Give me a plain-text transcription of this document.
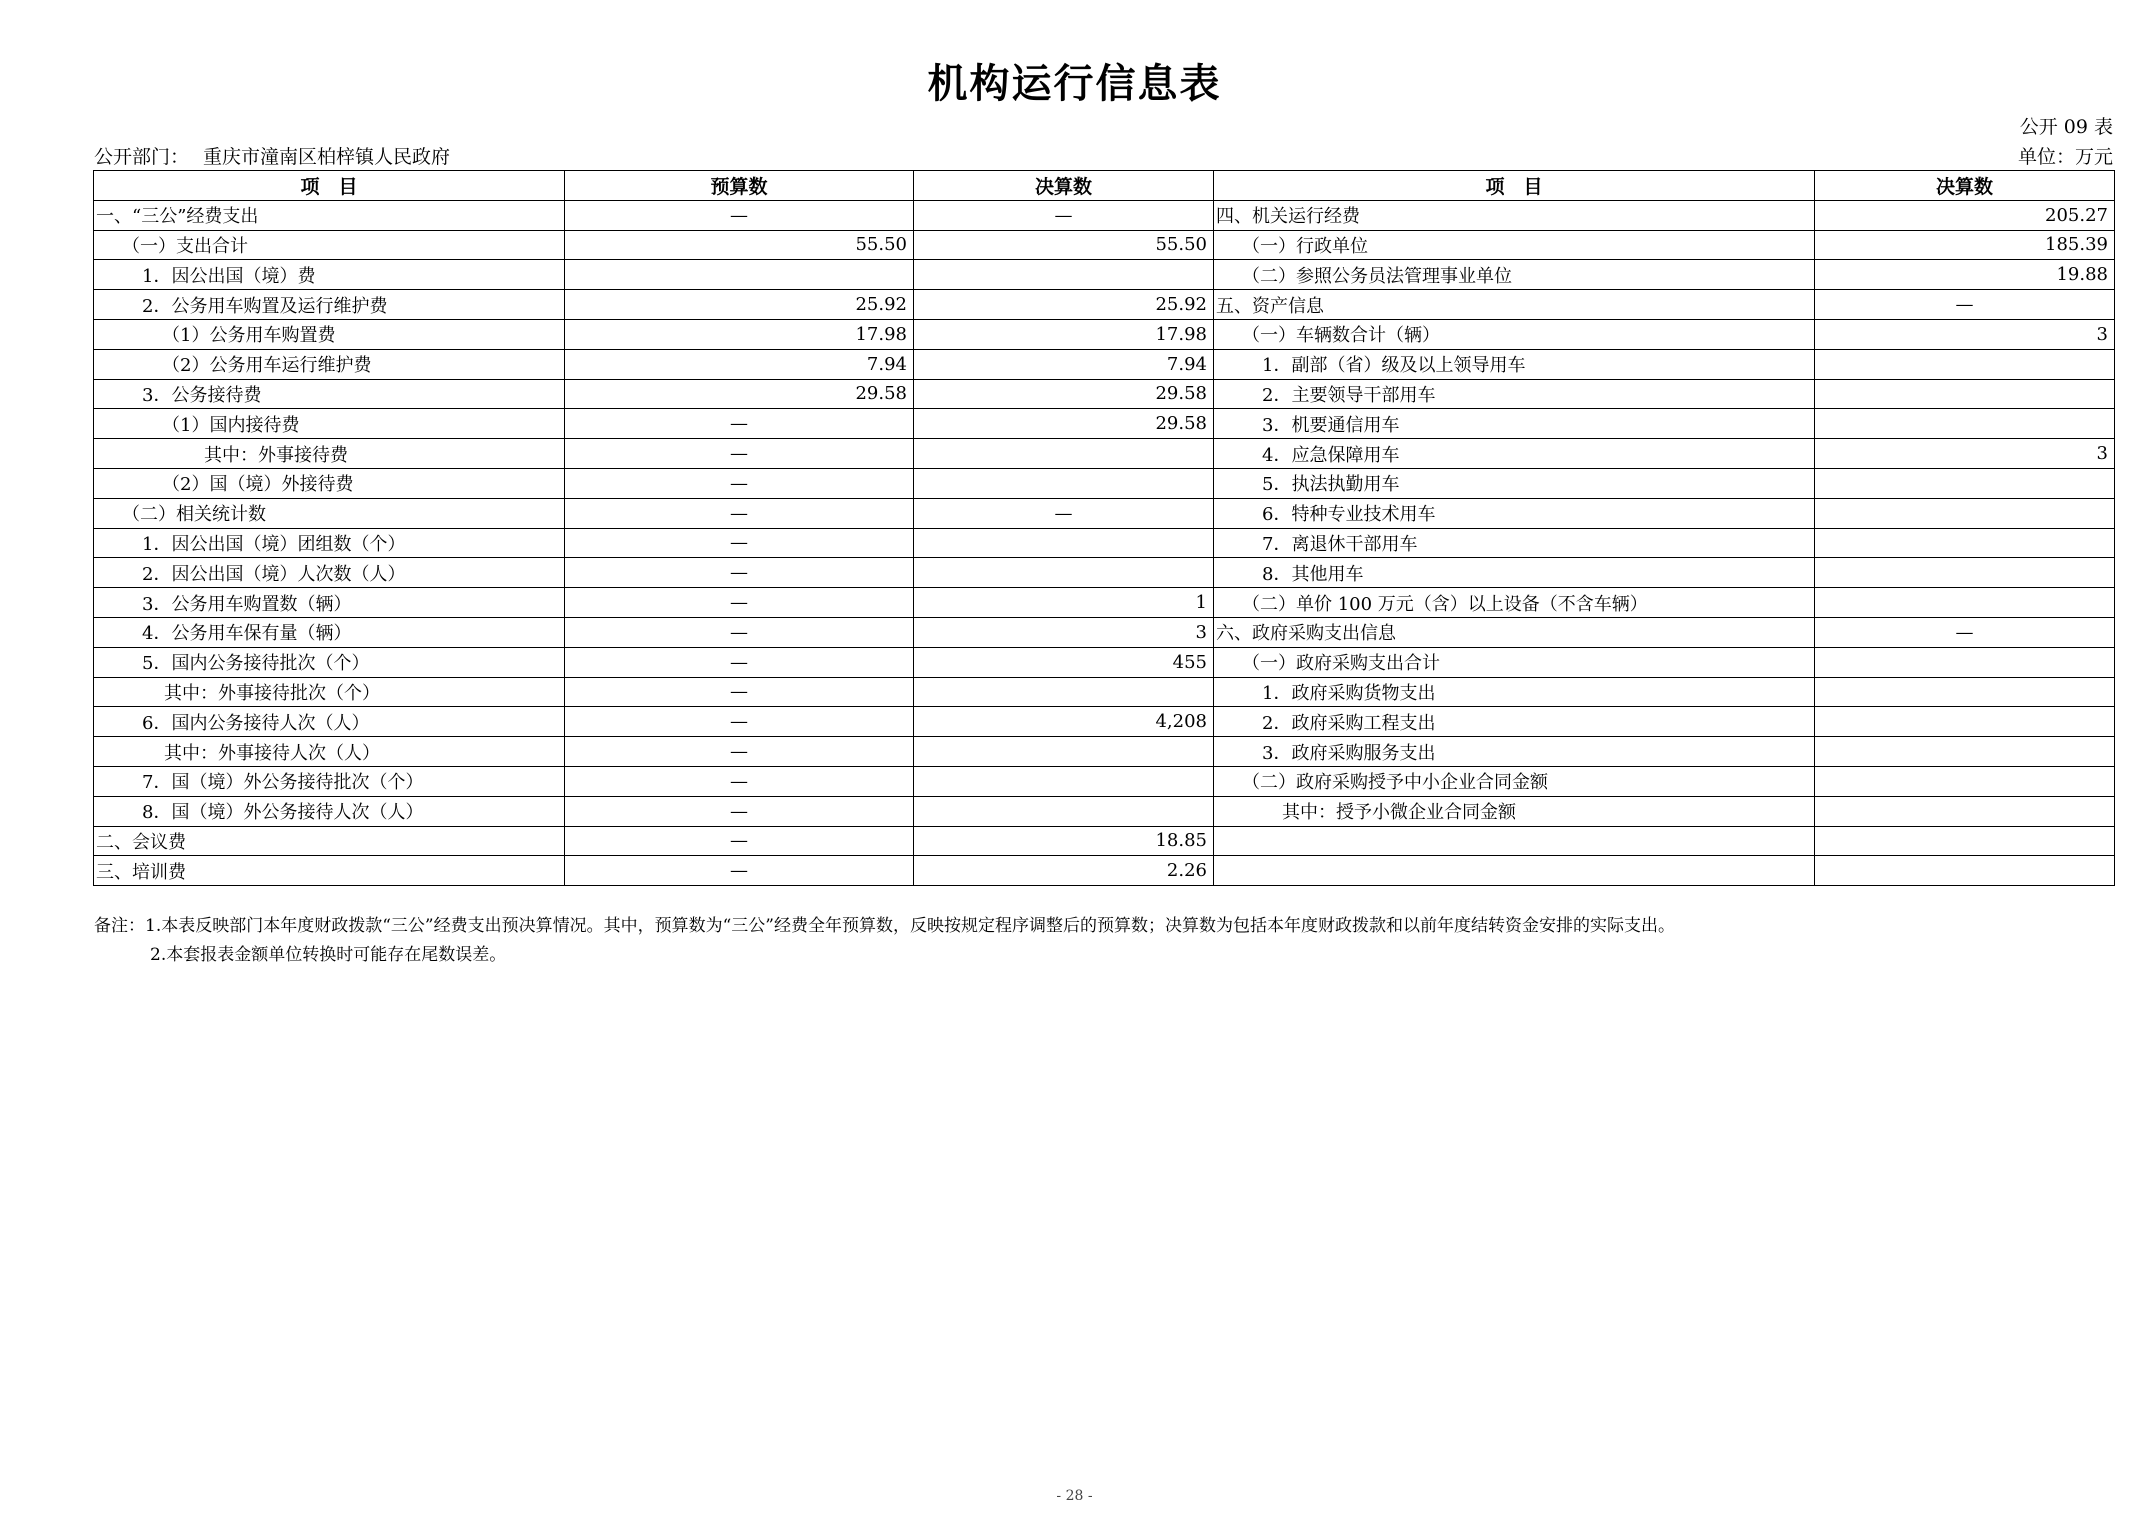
机构运行信息表
公开 09 表
公开部门： 重庆市潼南区柏梓镇人民政府	单位：万元
项　目	预算数	决算数	项　目	决算数
一、“三公”经费支出	—	—	四、机关运行经费	205.27
（一）支出合计	55.50	55.50	（一）行政单位	185.39
1．因公出国（境）费			（二）参照公务员法管理事业单位	19.88
2．公务用车购置及运行维护费	25.92	25.92	五、资产信息	—
（1）公务用车购置费	17.98	17.98	（一）车辆数合计（辆）	3
（2）公务用车运行维护费	7.94	7.94	1．副部（省）级及以上领导用车	
3．公务接待费	29.58	29.58	2．主要领导干部用车	
（1）国内接待费	—	29.58	3．机要通信用车	
其中：外事接待费	—		4．应急保障用车	3
（2）国（境）外接待费	—		5．执法执勤用车	
（二）相关统计数	—	—	6．特种专业技术用车	
1．因公出国（境）团组数（个）	—		7．离退休干部用车	
2．因公出国（境）人次数（人）	—		8．其他用车	
3．公务用车购置数（辆）	—	1	（二）单价 100 万元（含）以上设备（不含车辆）	
4．公务用车保有量（辆）	—	3	六、政府采购支出信息	—
5．国内公务接待批次（个）	—	455	（一）政府采购支出合计	
其中：外事接待批次（个）	—		1．政府采购货物支出	
6．国内公务接待人次（人）	—	4,208	2．政府采购工程支出	
其中：外事接待人次（人）	—		3．政府采购服务支出	
7．国（境）外公务接待批次（个）	—		（二）政府采购授予中小企业合同金额	
8．国（境）外公务接待人次（人）	—		其中：授予小微企业合同金额	
二、会议费	—	18.85		
三、培训费	—	2.26		
备注：1.本表反映部门本年度财政拨款“三公”经费支出预决算情况。其中，预算数为“三公”经费全年预算数，反映按规定程序调整后的预算数；决算数为包括本年度财政拨款和以前年度结转资金安排的实际支出。
2.本套报表金额单位转换时可能存在尾数误差。
- 28 -
